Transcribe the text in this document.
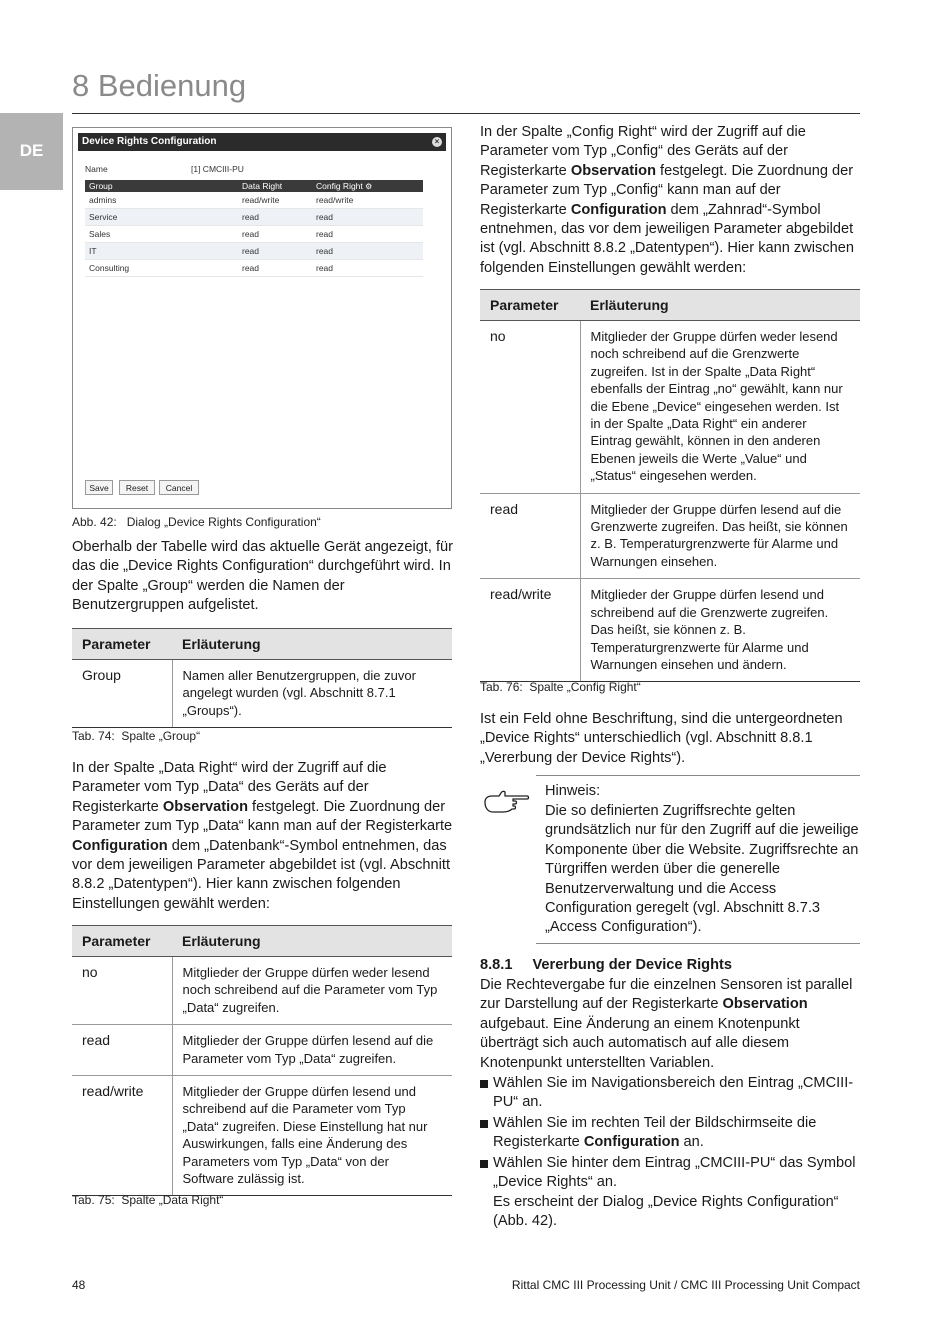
8 Bedienung
DE	Device Rights Configuration	×
Name	[1] CMCIII-PU
Group	Data Right	Config Right ⚙
admins	read/write	read/write
Service	read	read
Sales	read	read
IT	read	read
Consulting	read	read
Save	Reset	Cancel
Abb. 42:   Dialog „Device Rights Configuration“
Oberhalb der Tabelle wird das aktuelle Gerät angezeigt, für das die „Device Rights Configuration“ durchgeführt wird. In der Spalte „Group“ werden die Namen der Benutzergruppen aufgelistet.
Parameter	Erläuterung
Group	Namen aller Benutzergruppen, die zuvor angelegt wurden (vgl. Abschnitt 8.7.1 „Groups“).
Tab. 74:  Spalte „Group“
In der Spalte „Data Right“ wird der Zugriff auf die Parameter vom Typ „Data“ des Geräts auf der Registerkarte Observation festgelegt. Die Zuordnung der Parameter zum Typ „Data“ kann man auf der Registerkarte Configuration dem „Datenbank“-Symbol entnehmen, das vor dem jeweiligen Parameter abgebildet ist (vgl. Abschnitt 8.8.2 „Datentypen“). Hier kann zwischen folgenden Einstellungen gewählt werden:
Parameter	Erläuterung
no	Mitglieder der Gruppe dürfen weder lesend noch schreibend auf die Parameter vom Typ „Data“ zugreifen.
read	Mitglieder der Gruppe dürfen lesend auf die Parameter vom Typ „Data“ zugreifen.
read/write	Mitglieder der Gruppe dürfen lesend und schreibend auf die Parameter vom Typ „Data“ zugreifen. Diese Einstellung hat nur Auswirkungen, falls eine Änderung des Parameters vom Typ „Data“ von der Software zulässig ist.
Tab. 75:  Spalte „Data Right“
In der Spalte „Config Right“ wird der Zugriff auf die Parameter vom Typ „Config“ des Geräts auf der Registerkarte Observation festgelegt. Die Zuordnung der Parameter zum Typ „Config“ kann man auf der Registerkarte Configuration dem „Zahnrad“-Symbol entnehmen, das vor dem jeweiligen Parameter abgebildet ist (vgl. Abschnitt 8.8.2 „Datentypen“). Hier kann zwischen folgenden Einstellungen gewählt werden:
Parameter	Erläuterung
no	Mitglieder der Gruppe dürfen weder lesend noch schreibend auf die Grenzwerte zugreifen. Ist in der Spalte „Data Right“ ebenfalls der Eintrag „no“ gewählt, kann nur die Ebene „Device“ eingesehen werden. Ist in der Spalte „Data Right“ ein anderer Eintrag gewählt, können in den anderen Ebenen jeweils die Werte „Value“ und „Status“ eingesehen werden.
read	Mitglieder der Gruppe dürfen lesend auf die Grenzwerte zugreifen. Das heißt, sie können z. B. Temperaturgrenzwerte für Alarme und Warnungen einsehen.
read/write	Mitglieder der Gruppe dürfen lesend und schreibend auf die Grenzwerte zugreifen. Das heißt, sie können z. B. Temperaturgrenzwerte für Alarme und Warnungen einsehen und ändern.
Tab. 76:  Spalte „Config Right“
Ist ein Feld ohne Beschriftung, sind die untergeordneten „Device Rights“ unterschiedlich (vgl. Abschnitt 8.8.1 „Vererbung der Device Rights“).
Hinweis:
Die so definierten Zugriffsrechte gelten grundsätzlich nur für den Zugriff auf die jeweilige Komponente über die Website. Zugriffsrechte an Türgriffen werden über die generelle Benutzerverwaltung und die Access Configuration geregelt (vgl. Abschnitt 8.7.3 „Access Configuration“).
8.8.1 Vererbung der Device Rights
Die Rechtevergabe fur die einzelnen Sensoren ist parallel zur Darstellung auf der Registerkarte Observation aufgebaut. Eine Änderung an einem Knotenpunkt überträgt sich auch automatisch auf alle diesem Knotenpunkt unterstellten Variablen.
Wählen Sie im Navigationsbereich den Eintrag „CMCIII-PU“ an.
Wählen Sie im rechten Teil der Bildschirmseite die Registerkarte Configuration an.
Wählen Sie hinter dem Eintrag „CMCIII-PU“ das Symbol „Device Rights“ an.
Es erscheint der Dialog „Device Rights Configuration“ (Abb. 42).
48	Rittal CMC III Processing Unit / CMC III Processing Unit Compact
